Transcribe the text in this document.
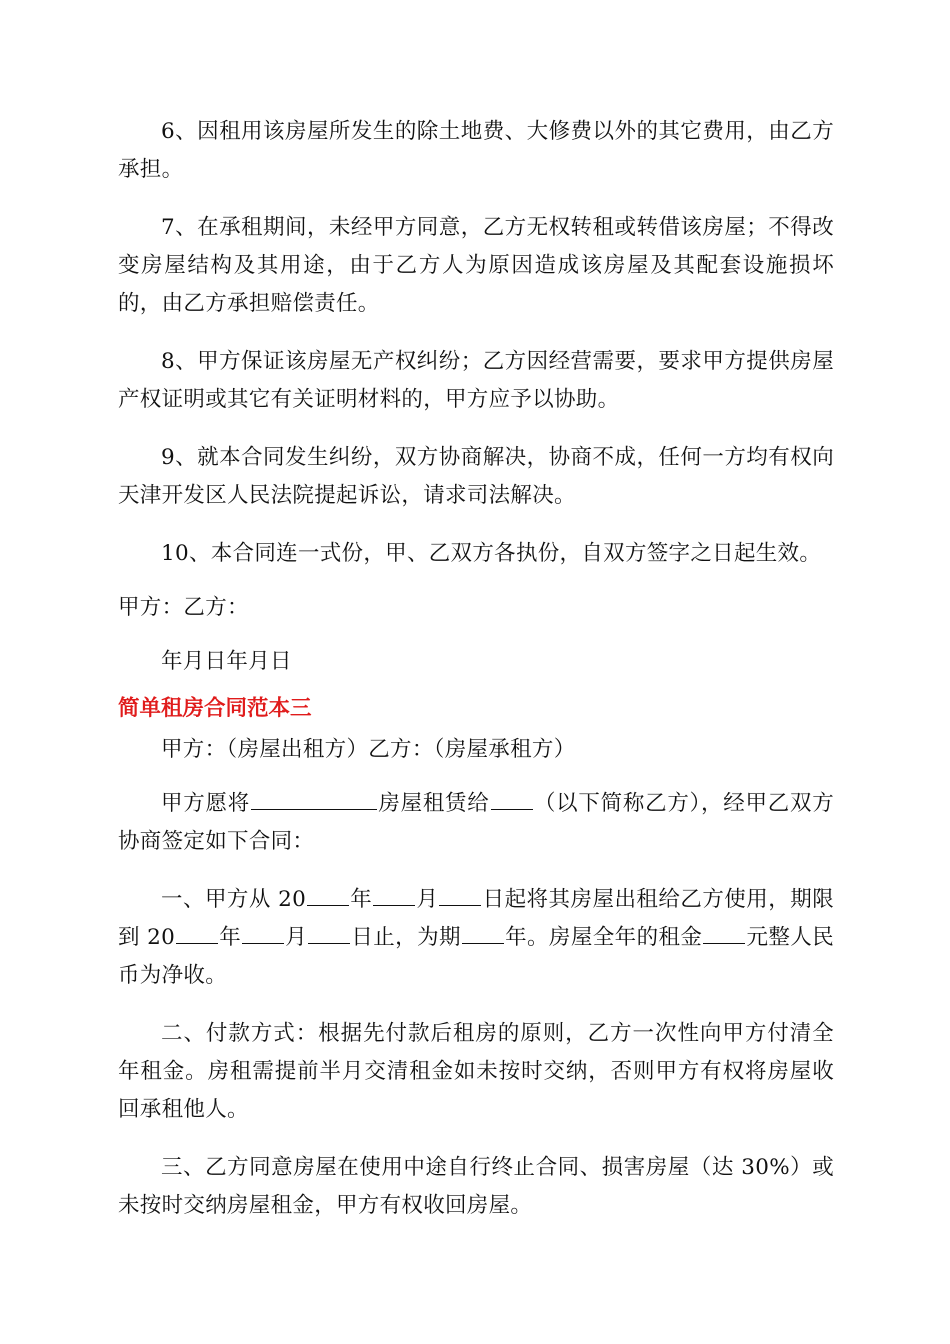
6、因租用该房屋所发生的除土地费、大修费以外的其它费用，由乙方承担。

7、在承租期间，未经甲方同意，乙方无权转租或转借该房屋；不得改变房屋结构及其用途，由于乙方人为原因造成该房屋及其配套设施损坏的，由乙方承担赔偿责任。

8、甲方保证该房屋无产权纠纷；乙方因经营需要，要求甲方提供房屋产权证明或其它有关证明材料的，甲方应予以协助。

9、就本合同发生纠纷，双方协商解决，协商不成，任何一方均有权向天津开发区人民法院提起诉讼，请求司法解决。

10、本合同连一式份，甲、乙双方各执份，自双方签字之日起生效。

甲方：乙方：

年月日年月日

简单租房合同范本三

甲方：（房屋出租方）乙方：（房屋承租方）

甲方愿将	房屋租赁给 （以下简称乙方），经甲乙双方协商签定如下合同：

一、甲方从 20 年 月 日起将其房屋出租给乙方使用，期限到 20 年 月 日止，为期 年。房屋全年的租金 元整人民币为净收。

二、付款方式：根据先付款后租房的原则，乙方一次性向甲方付清全年租金。房租需提前半月交清租金如未按时交纳，否则甲方有权将房屋收回承租他人。

三、乙方同意房屋在使用中途自行终止合同、损害房屋（达 30%）或未按时交纳房屋租金，甲方有权收回房屋。
